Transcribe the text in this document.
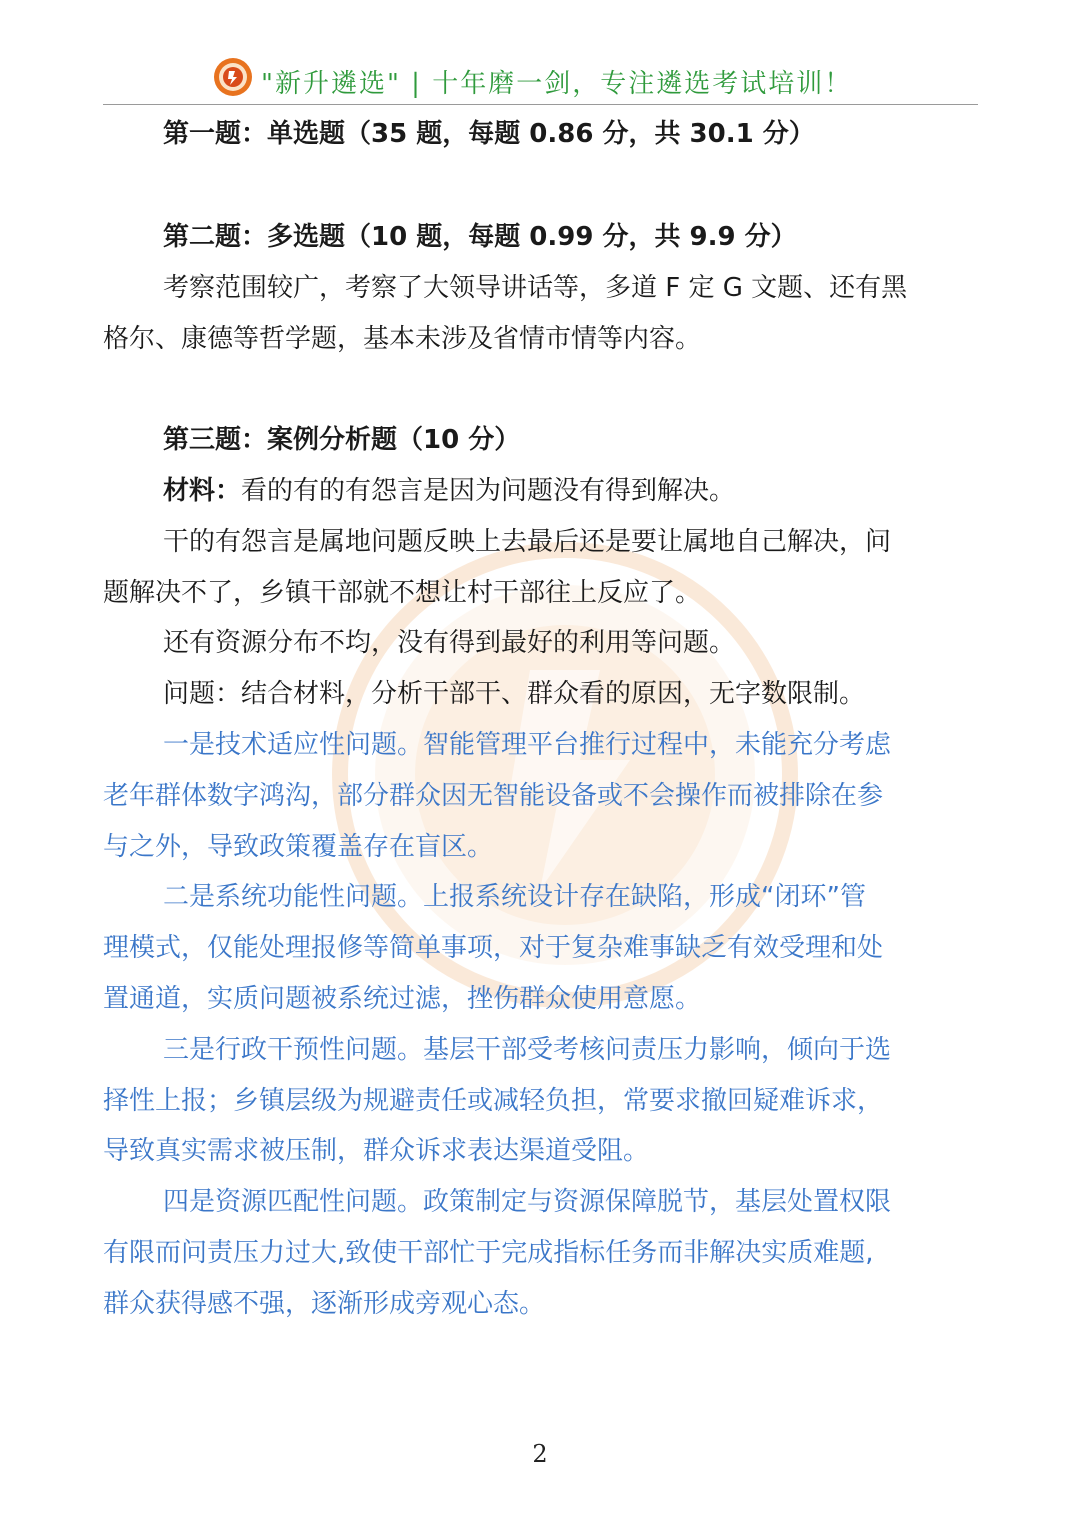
"新升遴选" | 十年磨一剑，专注遴选考试培训！
第一题：单选题（35 题，每题 0.86 分，共 30.1 分）
第二题：多选题（10 题，每题 0.99 分，共 9.9 分）
考察范围较广，考察了大领导讲话等，多道 F 定 G 文题、还有黑
格尔、康德等哲学题，基本未涉及省情市情等内容。
第三题：案例分析题（10 分）
材料：看的有的有怨言是因为问题没有得到解决。
干的有怨言是属地问题反映上去最后还是要让属地自己解决，问
题解决不了，乡镇干部就不想让村干部往上反应了。
还有资源分布不均，没有得到最好的利用等问题。
问题：结合材料，分析干部干、群众看的原因，无字数限制。
一是技术适应性问题。智能管理平台推行过程中，未能充分考虑
老年群体数字鸿沟，部分群众因无智能设备或不会操作而被排除在参
与之外，导致政策覆盖存在盲区。
二是系统功能性问题。上报系统设计存在缺陷，形成“闭环”管
理模式，仅能处理报修等简单事项，对于复杂难事缺乏有效受理和处
置通道，实质问题被系统过滤，挫伤群众使用意愿。
三是行政干预性问题。基层干部受考核问责压力影响，倾向于选
择性上报；乡镇层级为规避责任或减轻负担，常要求撤回疑难诉求，
导致真实需求被压制，群众诉求表达渠道受阻。
四是资源匹配性问题。政策制定与资源保障脱节，基层处置权限
有限而问责压力过大,致使干部忙于完成指标任务而非解决实质难题,
群众获得感不强，逐渐形成旁观心态。
2
